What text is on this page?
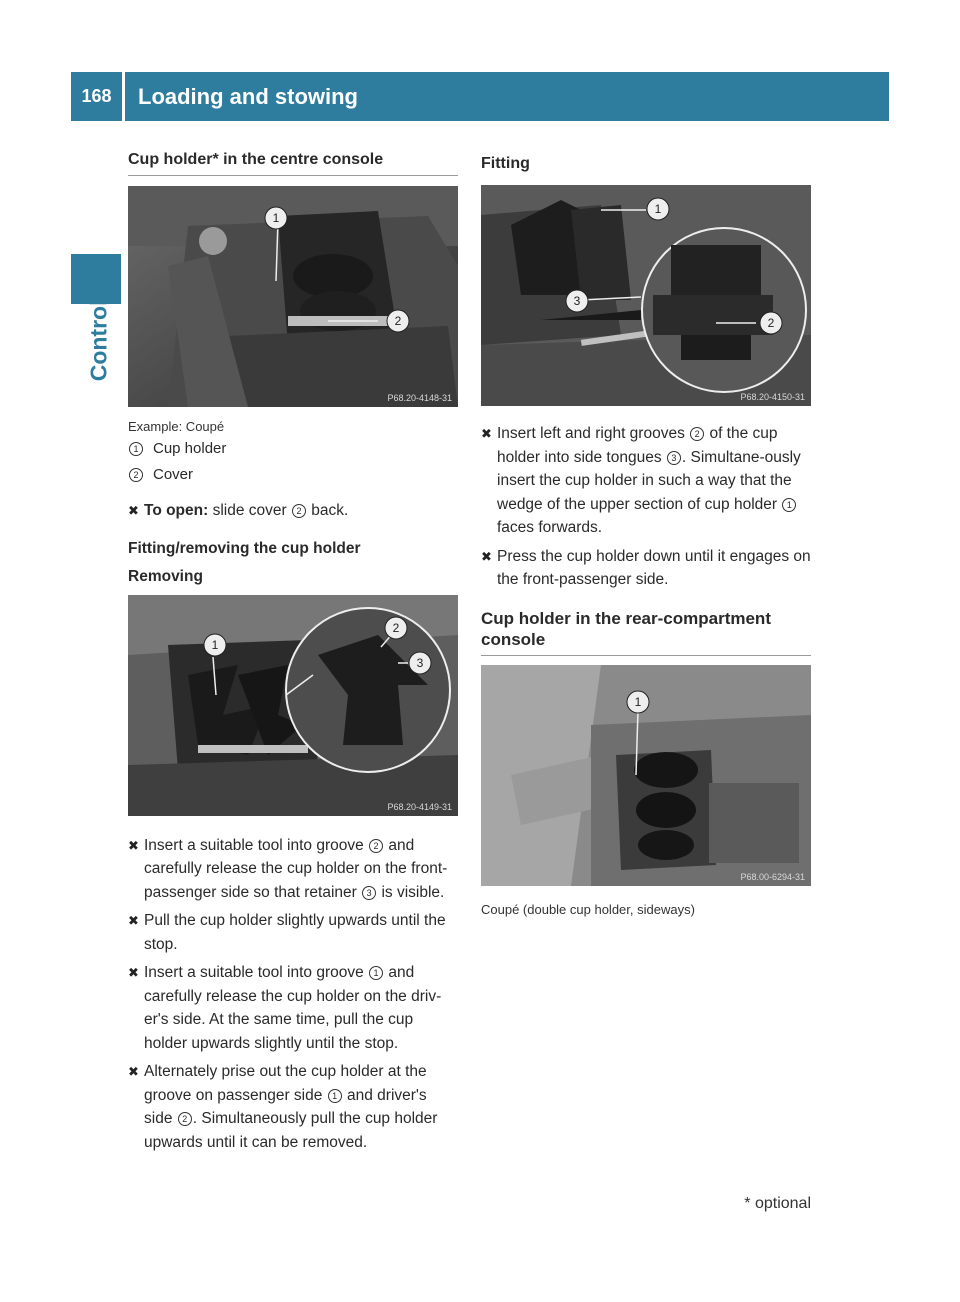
168	Loading and stowing
Controls
Cup holder* in the centre console
1
2
P68.20-4148-31
Example: Coupé
1 Cup holder
2 Cover
✖ To open: slide cover 2 back.
Fitting/removing the cup holder
Removing
1
2
3
P68.20-4149-31
✖ Insert a suitable tool into groove 2 and carefully release the cup holder on the front-passenger side so that retainer 3 is visible.
✖ Pull the cup holder slightly upwards until the stop.
✖ Insert a suitable tool into groove 1 and carefully release the cup holder on the driv-er's side. At the same time, pull the cup holder upwards slightly until the stop.
✖ Alternately prise out the cup holder at the groove on passenger side 1 and driver's side 2 . Simultaneously pull the cup holder upwards until it can be removed.
Fitting
1
2
3
P68.20-4150-31
✖ Insert left and right grooves 2 of the cup holder into side tongues 3 . Simultane-ously insert the cup holder in such a way that the wedge of the upper section of cup holder 1 faces forwards.
✖ Press the cup holder down until it engages on the front-passenger side.
Cup holder in the rear-compartment console
1
P68.00-6294-31
Coupé (double cup holder, sideways)
* optional
